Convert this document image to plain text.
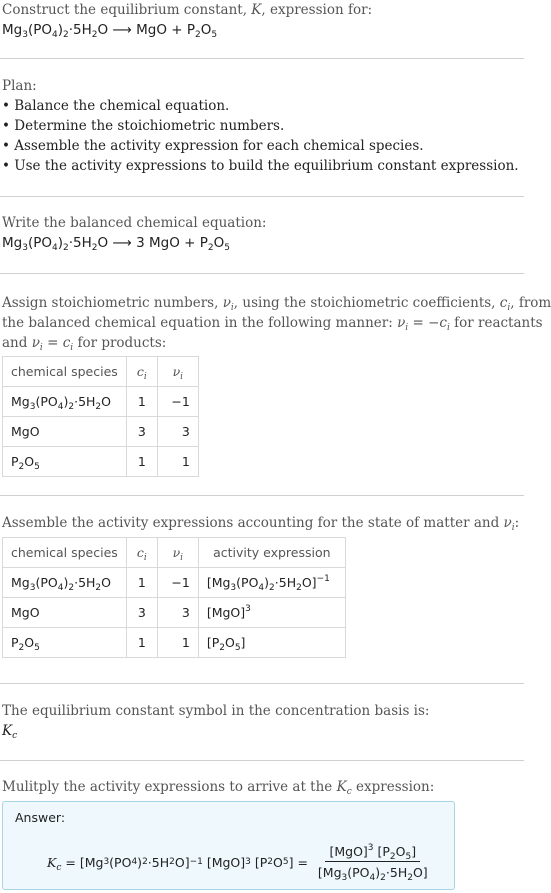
Construct the equilibrium constant, K, expression for:
$Mg_3(PO_4)_2\cdot 5H_2O$ ⟶ MgO + $P_2O_5$
Plan:
• Balance the chemical equation.
• Determine the stoichiometric numbers.
• Assemble the activity expression for each chemical species.
• Use the activity expressions to build the equilibrium constant expression.
Write the balanced chemical equation:
$Mg_3(PO_4)_2\cdot 5H_2O$ ⟶ 3 MgO + $P_2O_5$
Assign stoichiometric numbers, $\nu_i$, using the stoichiometric coefficients, $c_i$, from
the balanced chemical equation in the following manner: $\nu_i = -c_i$ for reactants
and $\nu_i = c_i$ for products:
chemical species	$c_i$	$\nu_i$
$Mg_3(PO_4)_2\cdot 5H_2O$	1	−1
MgO	3	3
$P_2O_5$	1	1
Assemble the activity expressions accounting for the state of matter and $\nu_i$:
chemical species	$c_i$	$\nu_i$	activity expression
$Mg_3(PO_4)_2\cdot 5H_2O$	1	−1	$[Mg_3(PO_4)_2\cdot 5H_2O]^{-1}$
MgO	3	3	[MgO]$^3$
$P_2O_5$	1	1	$[P_2O_5]$
The equilibrium constant symbol in the concentration basis is:
$K_c$
Mulitply the activity expressions to arrive at the $K_c$ expression:
Answer:
$K_c = [Mg$ 3 (PO 4 ) 2 ·5H 2 O] −1 [MgO] 3 [P 2 O 5 ] = $\frac{[MgO]^3 [P_2O_5]}{[Mg_3(PO_4)_2\cdot 5H_2O]}$
